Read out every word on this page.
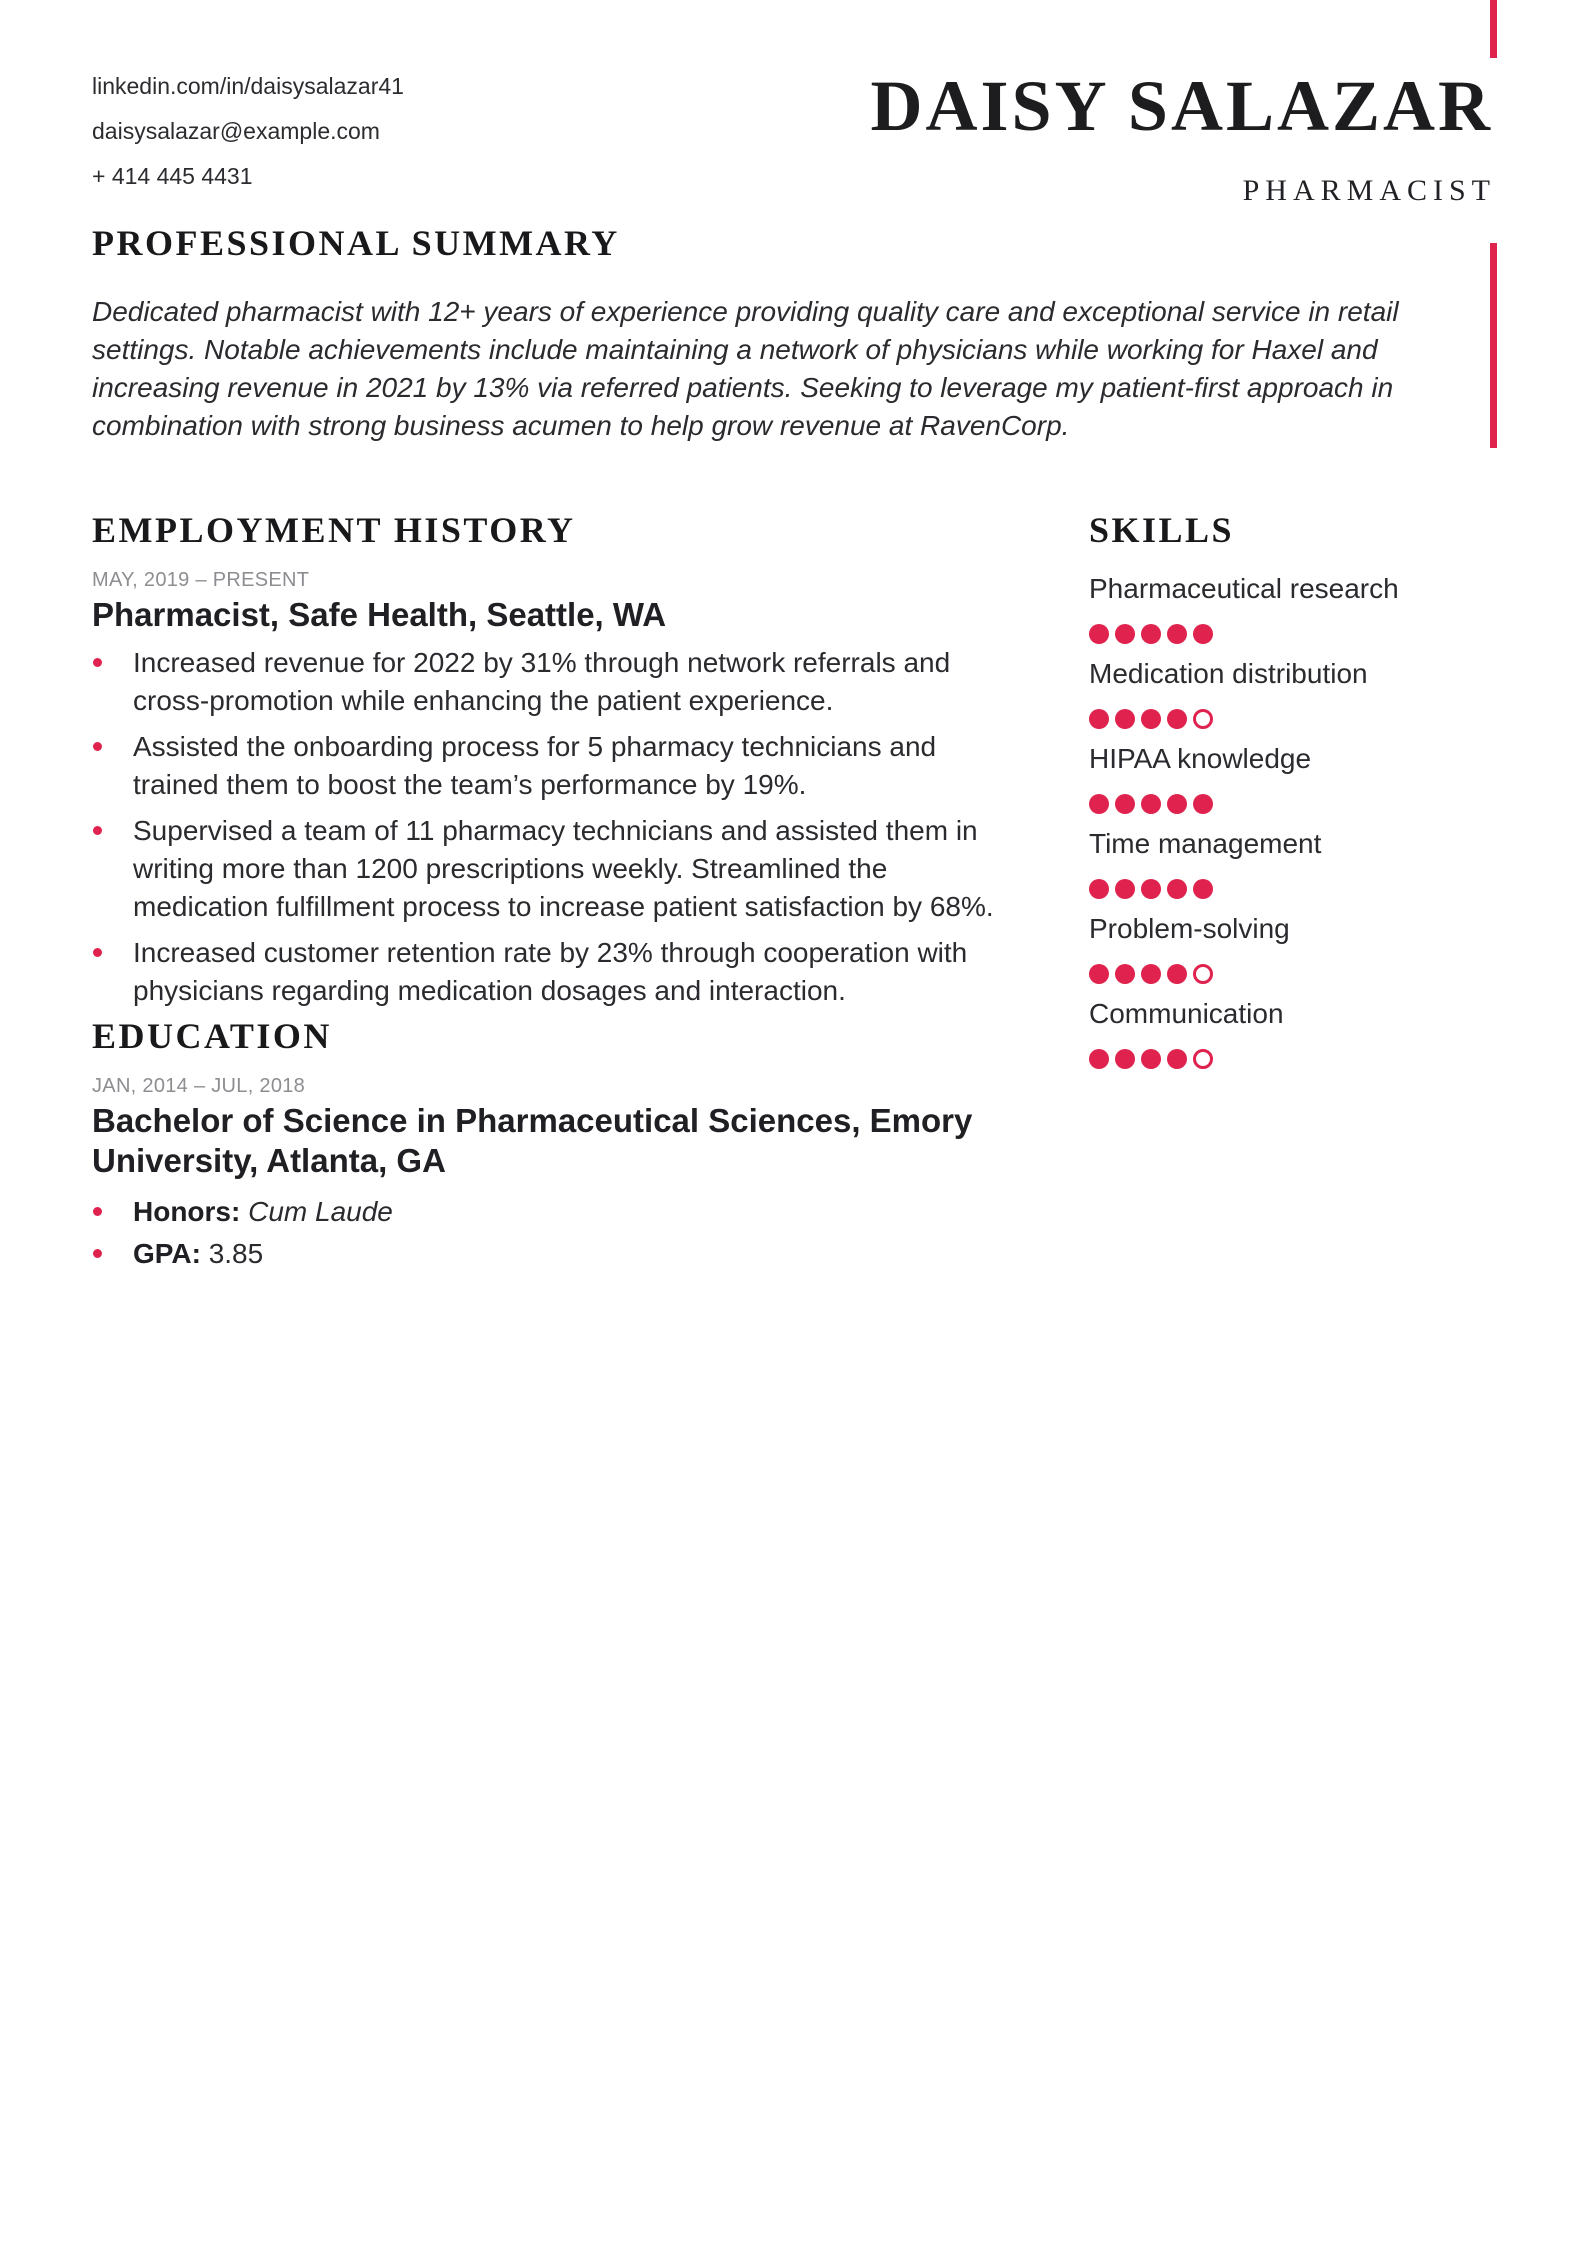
linkedin.com/in/daisysalazar41

daisysalazar@example.com

+ 414 445 4431

DAISY SALAZAR

PHARMACIST

PROFESSIONAL SUMMARY

Dedicated pharmacist with 12+ years of experience providing quality care and exceptional service in retail settings. Notable achievements include maintaining a network of physicians while working for Haxel and increasing revenue in 2021 by 13% via referred patients. Seeking to leverage my patient-first approach in combination with strong business acumen to help grow revenue at RavenCorp.

EMPLOYMENT HISTORY

MAY, 2019 – PRESENT

Pharmacist, Safe Health, Seattle, WA

Increased revenue for 2022 by 31% through network referrals and cross-promotion while enhancing the patient experience.
Assisted the onboarding process for 5 pharmacy technicians and trained them to boost the team’s performance by 19%.
Supervised a team of 11 pharmacy technicians and assisted them in writing more than 1200 prescriptions weekly. Streamlined the medication fulfillment process to increase patient satisfaction by 68%.
Increased customer retention rate by 23% through cooperation with physicians regarding medication dosages and interaction.
EDUCATION

JAN, 2014 – JUL, 2018

Bachelor of Science in Pharmaceutical Sciences, Emory University, Atlanta, GA

Honors: Cum Laude
GPA: 3.85
SKILLS

Pharmaceutical research

Medication distribution

HIPAA knowledge

Time management

Problem-solving

Communication
